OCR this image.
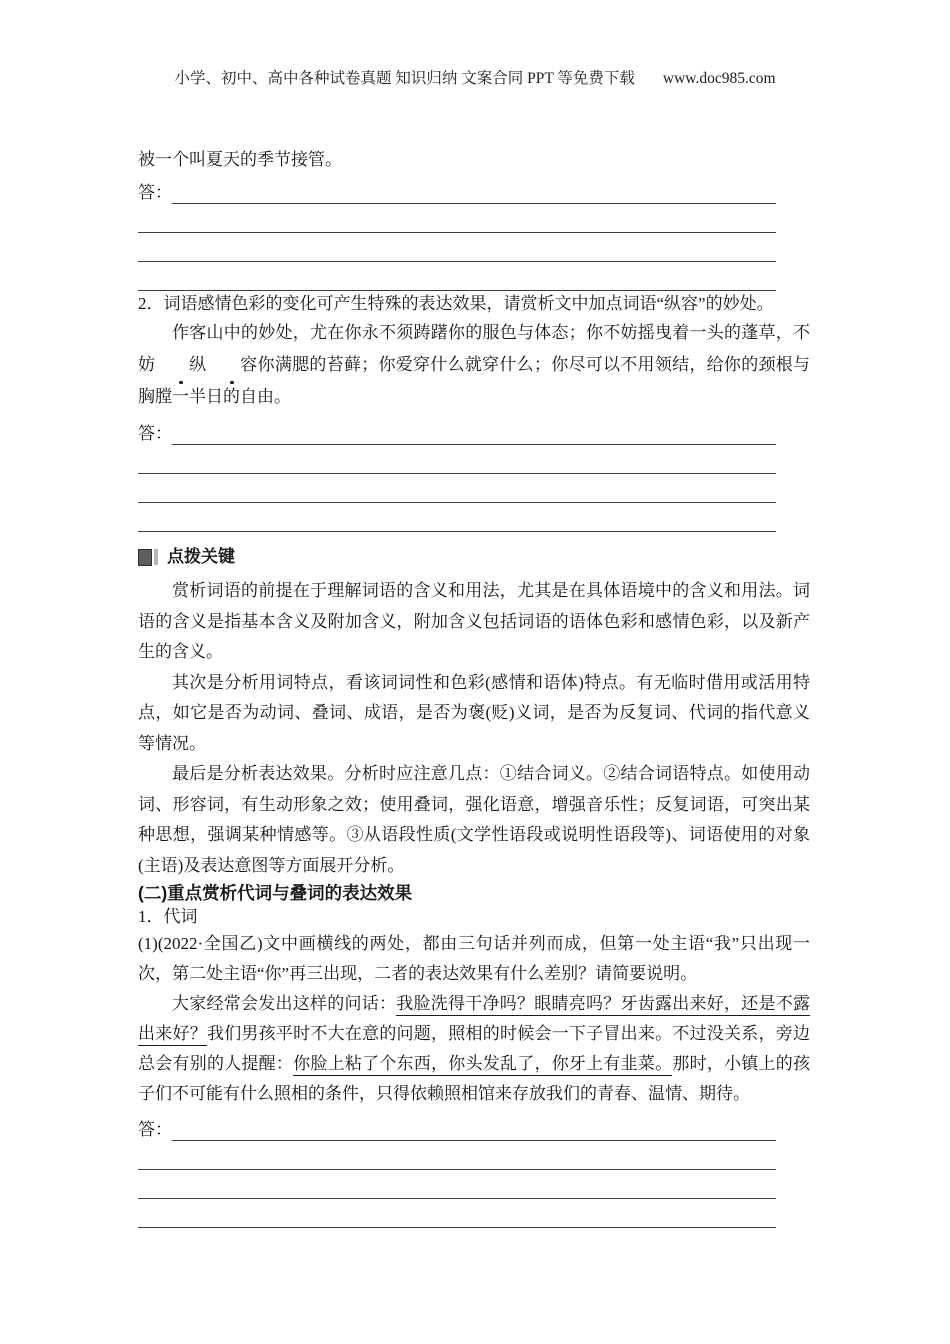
小学、初中、高中各种试卷真题 知识归纳 文案合同 PPT 等免费下载 www.doc985.com

被一个叫夏天的季节接管。

答：

2．词语感情色彩的变化可产生特殊的表达效果，请赏析文中加点词语“纵容”的妙处。

作客山中的妙处，尤在你永不须踌躇你的服色与体态；你不妨摇曳着一头的蓬草，不妨 纵 容你满腮的苔藓；你爱穿什么就穿什么；你尽可以不用领结，给你的颈根与胸膛一半日的自由。

答：
点拨关键

赏析词语的前提在于理解词语的含义和用法，尤其是在具体语境中的含义和用法。词语的含义是指基本含义及附加含义，附加含义包括词语的语体色彩和感情色彩，以及新产生的含义。

其次是分析用词特点，看该词词性和色彩(感情和语体)特点。有无临时借用或活用特点，如它是否为动词、叠词、成语，是否为褒(贬)义词，是否为反复词、代词的指代意义等情况。

最后是分析表达效果。分析时应注意几点：①结合词义。②结合词语特点。如使用动词、形容词，有生动形象之效；使用叠词，强化语意，增强音乐性；反复词语，可突出某种思想，强调某种情感等。③从语段性质(文学性语段或说明性语段等)、词语使用的对象(主语)及表达意图等方面展开分析。

(二)重点赏析代词与叠词的表达效果

1．代词

(1)(2022·全国乙)文中画横线的两处，都由三句话并列而成，但第一处主语“我”只出现一次，第二处主语“你”再三出现，二者的表达效果有什么差别？请简要说明。

大家经常会发出这样的问话：我脸洗得干净吗？眼睛亮吗？牙齿露出来好，还是不露出来好？我们男孩平时不大在意的问题，照相的时候会一下子冒出来。不过没关系，旁边总会有别的人提醒：你脸上粘了个东西，你头发乱了，你牙上有韭菜。那时，小镇上的孩子们不可能有什么照相的条件，只得依赖照相馆来存放我们的青春、温情、期待。

答：
